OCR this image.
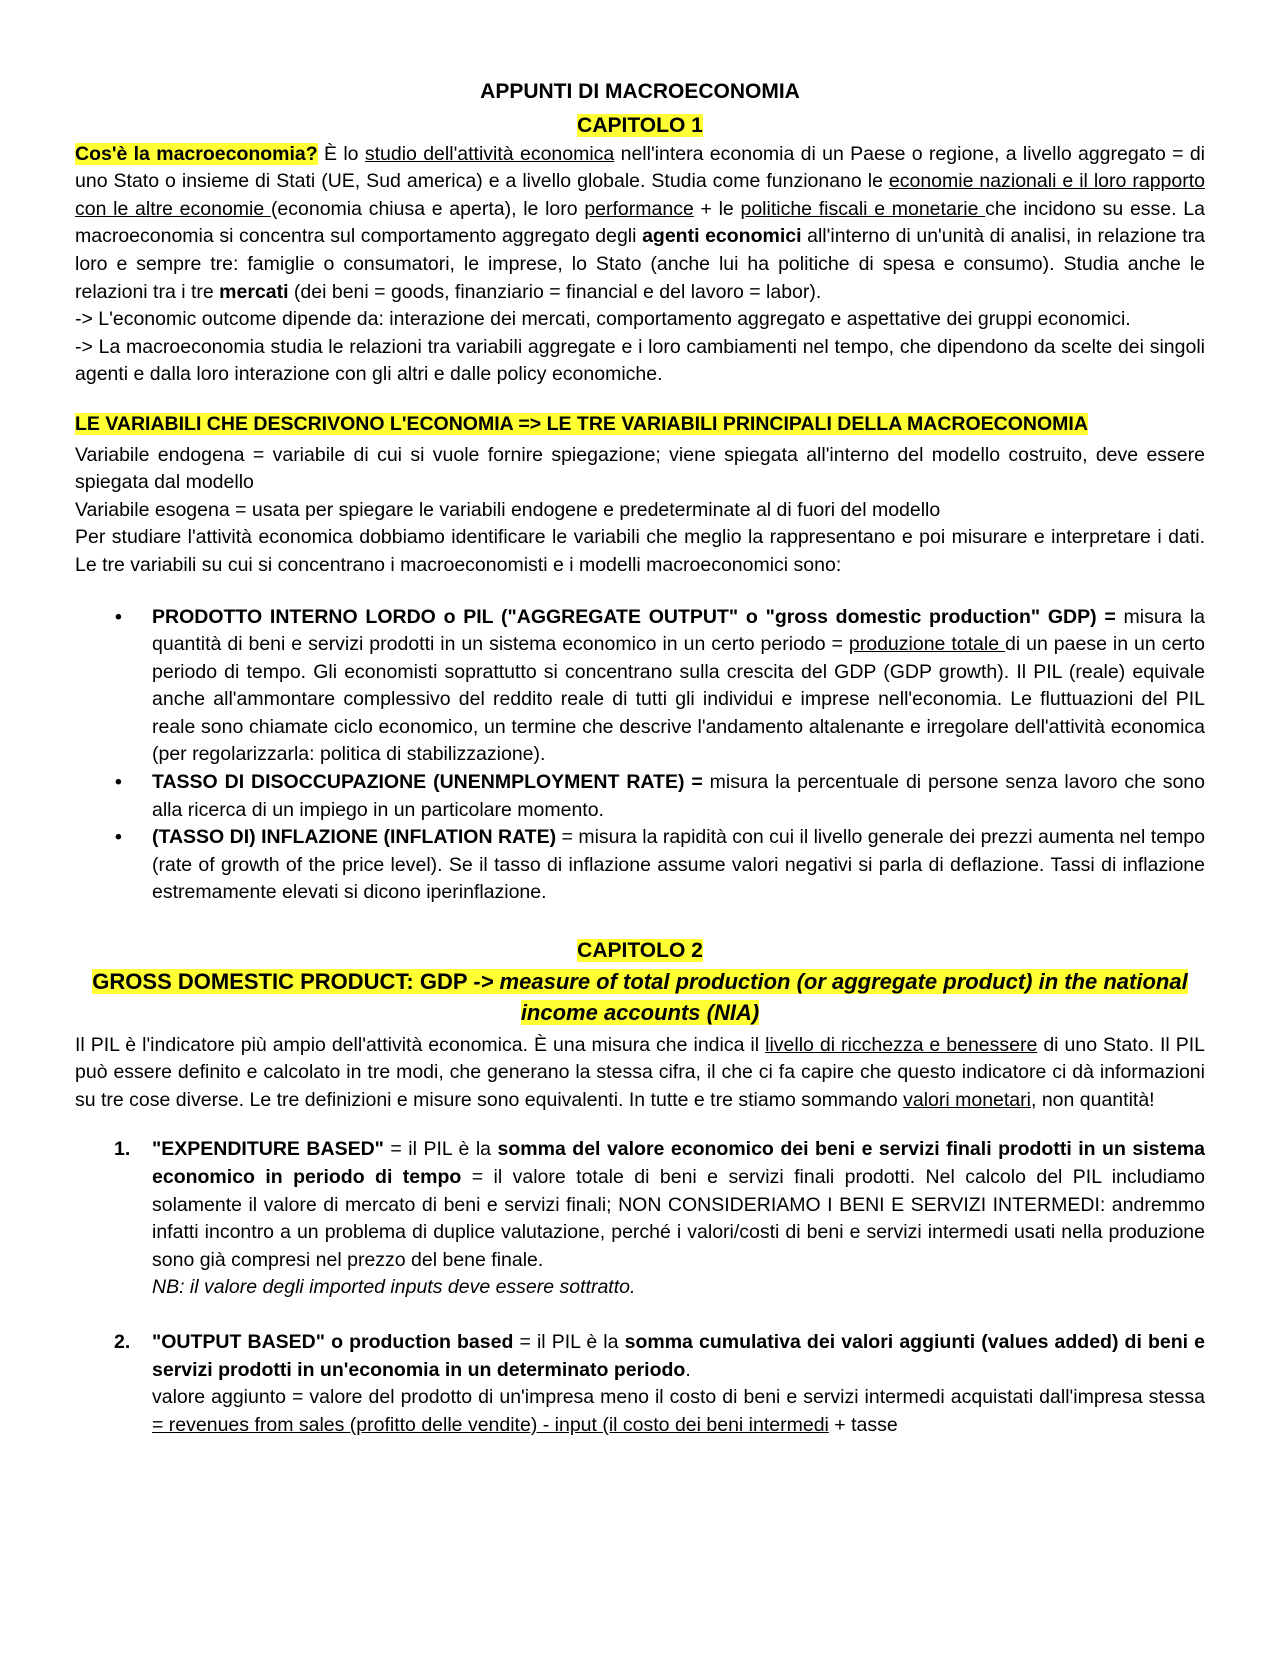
APPUNTI DI MACROECONOMIA
CAPITOLO 1

Cos'è la macroeconomia? È lo studio dell'attività economica nell'intera economia di un Paese o regione, a livello aggregato = di uno Stato o insieme di Stati (UE, Sud america) e a livello globale. Studia come funzionano le economie nazionali e il loro rapporto con le altre economie (economia chiusa e aperta), le loro performance + le politiche fiscali e monetarie che incidono su esse. La macroeconomia si concentra sul comportamento aggregato degli agenti economici all'interno di un'unità di analisi, in relazione tra loro e sempre tre: famiglie o consumatori, le imprese, lo Stato (anche lui ha politiche di spesa e consumo). Studia anche le relazioni tra i tre mercati (dei beni = goods, finanziario = financial e del lavoro = labor).

-> L'economic outcome dipende da: interazione dei mercati, comportamento aggregato e aspettative dei gruppi economici.

-> La macroeconomia studia le relazioni tra variabili aggregate e i loro cambiamenti nel tempo, che dipendono da scelte dei singoli agenti e dalla loro interazione con gli altri e dalle policy economiche.

LE VARIABILI CHE DESCRIVONO L'ECONOMIA => LE TRE VARIABILI PRINCIPALI DELLA MACROECONOMIA

Variabile endogena = variabile di cui si vuole fornire spiegazione; viene spiegata all'interno del modello costruito, deve essere spiegata dal modello

Variabile esogena = usata per spiegare le variabili endogene e predeterminate al di fuori del modello

Per studiare l'attività economica dobbiamo identificare le variabili che meglio la rappresentano e poi misurare e interpretare i dati. Le tre variabili su cui si concentrano i macroeconomisti e i modelli macroeconomici sono:

• PRODOTTO INTERNO LORDO o PIL ("AGGREGATE OUTPUT" o "gross domestic production" GDP) = misura la quantità di beni e servizi prodotti in un sistema economico in un certo periodo = produzione totale di un paese in un certo periodo di tempo. Gli economisti soprattutto si concentrano sulla crescita del GDP (GDP growth). Il PIL (reale) equivale anche all'ammontare complessivo del reddito reale di tutti gli individui e imprese nell'economia. Le fluttuazioni del PIL reale sono chiamate ciclo economico, un termine che descrive l'andamento altalenante e irregolare dell'attività economica (per regolarizzarla: politica di stabilizzazione).
• TASSO DI DISOCCUPAZIONE (UNENMPLOYMENT RATE) = misura la percentuale di persone senza lavoro che sono alla ricerca di un impiego in un particolare momento.
• (TASSO DI) INFLAZIONE (INFLATION RATE) = misura la rapidità con cui il livello generale dei prezzi aumenta nel tempo (rate of growth of the price level). Se il tasso di inflazione assume valori negativi si parla di deflazione. Tassi di inflazione estremamente elevati si dicono iperinflazione.
CAPITOLO 2
GROSS DOMESTIC PRODUCT: GDP -> measure of total production (or aggregate product) in the national income accounts (NIA)

Il PIL è l'indicatore più ampio dell'attività economica. È una misura che indica il livello di ricchezza e benessere di uno Stato. Il PIL può essere definito e calcolato in tre modi, che generano la stessa cifra, il che ci fa capire che questo indicatore ci dà informazioni su tre cose diverse. Le tre definizioni e misure sono equivalenti. In tutte e tre stiamo sommando valori monetari, non quantità!

1. "EXPENDITURE BASED" = il PIL è la somma del valore economico dei beni e servizi finali prodotti in un sistema economico in periodo di tempo = il valore totale di beni e servizi finali prodotti. Nel calcolo del PIL includiamo solamente il valore di mercato di beni e servizi finali; NON CONSIDERIAMO I BENI E SERVIZI INTERMEDI: andremmo infatti incontro a un problema di duplice valutazione, perché i valori/costi di beni e servizi intermedi usati nella produzione sono già compresi nel prezzo del bene finale.
NB: il valore degli imported inputs deve essere sottratto.
2. "OUTPUT BASED" o production based = il PIL è la somma cumulativa dei valori aggiunti (values added) di beni e servizi prodotti in un'economia in un determinato periodo.
valore aggiunto = valore del prodotto di un'impresa meno il costo di beni e servizi intermedi acquistati dall'impresa stessa = revenues from sales (profitto delle vendite) - input (il costo dei beni intermedi + tasse
